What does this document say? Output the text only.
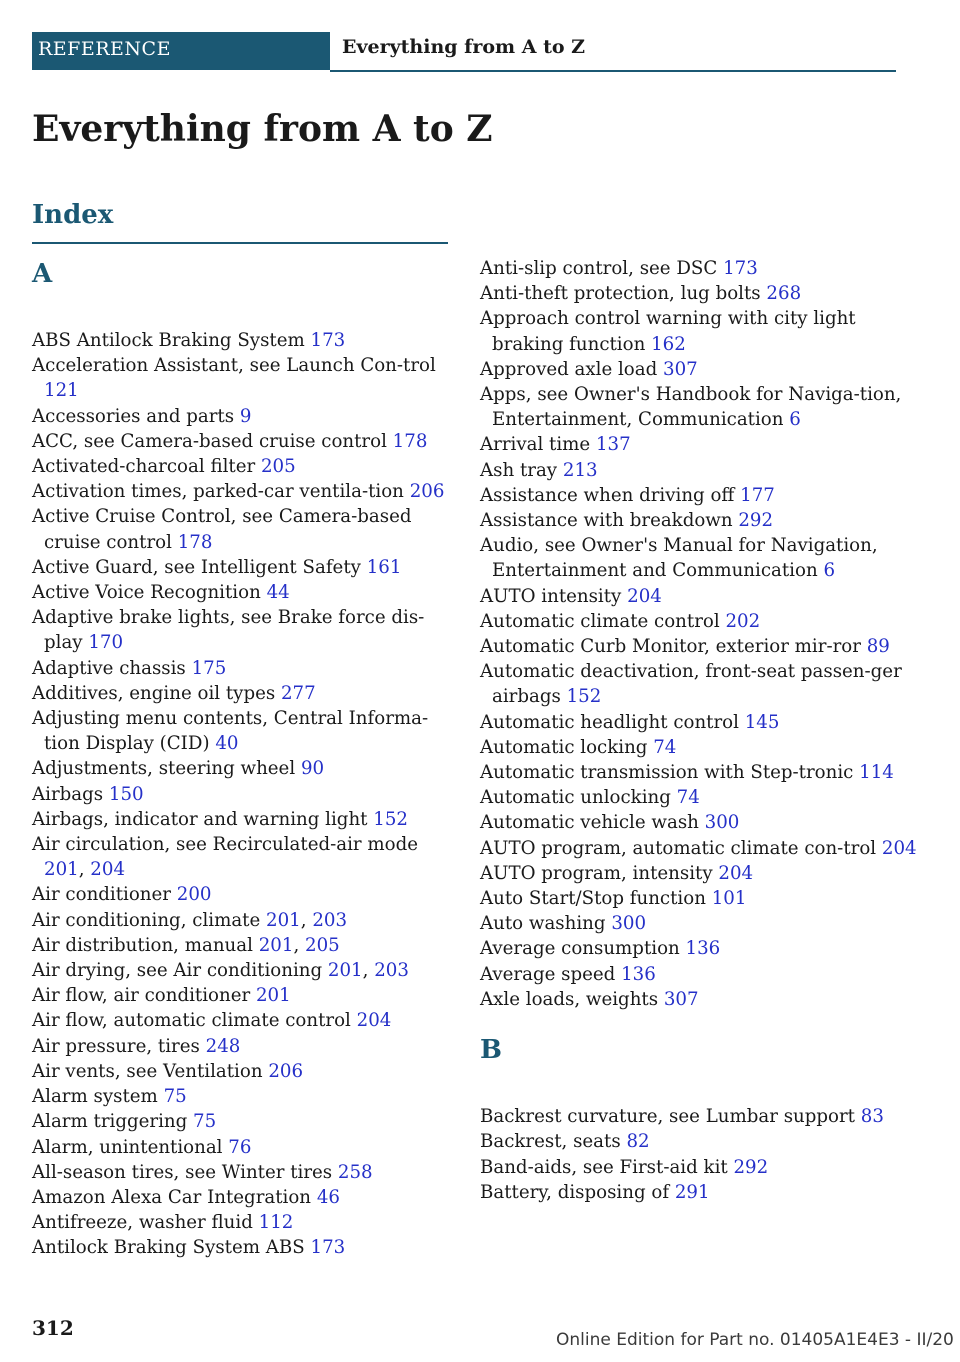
REFERENCE	Everything from A to Z
Everything from A to Z
Index
A
ABS Antilock Braking System 173
Acceleration Assistant, see Launch Con-trol 121
Accessories and parts 9
ACC, see Camera-based cruise control 178
Activated-charcoal filter 205
Activation times, parked-car ventila-tion 206
Active Cruise Control, see Camera-based cruise control 178
Active Guard, see Intelligent Safety 161
Active Voice Recognition 44
Adaptive brake lights, see Brake force dis-play 170
Adaptive chassis 175
Additives, engine oil types 277
Adjusting menu contents, Central Informa-tion Display (CID) 40
Adjustments, steering wheel 90
Airbags 150
Airbags, indicator and warning light 152
Air circulation, see Recirculated-air mode 201, 204
Air conditioner 200
Air conditioning, climate 201, 203
Air distribution, manual 201, 205
Air drying, see Air conditioning 201, 203
Air flow, air conditioner 201
Air flow, automatic climate control 204
Air pressure, tires 248
Air vents, see Ventilation 206
Alarm system 75
Alarm triggering 75
Alarm, unintentional 76
All-season tires, see Winter tires 258
Amazon Alexa Car Integration 46
Antifreeze, washer fluid 112
Antilock Braking System ABS 173
Anti-slip control, see DSC 173
Anti-theft protection, lug bolts 268
Approach control warning with city light braking function 162
Approved axle load 307
Apps, see Owner's Handbook for Naviga-tion, Entertainment, Communication 6
Arrival time 137
Ash tray 213
Assistance when driving off 177
Assistance with breakdown 292
Audio, see Owner's Manual for Navigation, Entertainment and Communication 6
AUTO intensity 204
Automatic climate control 202
Automatic Curb Monitor, exterior mir-ror 89
Automatic deactivation, front-seat passen-ger airbags 152
Automatic headlight control 145
Automatic locking 74
Automatic transmission with Step-tronic 114
Automatic unlocking 74
Automatic vehicle wash 300
AUTO program, automatic climate con-trol 204
AUTO program, intensity 204
Auto Start/Stop function 101
Auto washing 300
Average consumption 136
Average speed 136
Axle loads, weights 307
B
Backrest curvature, see Lumbar support 83
Backrest, seats 82
Band-aids, see First-aid kit 292
Battery, disposing of 291
312	Online Edition for Part no. 01405A1E4E3 - II/20
